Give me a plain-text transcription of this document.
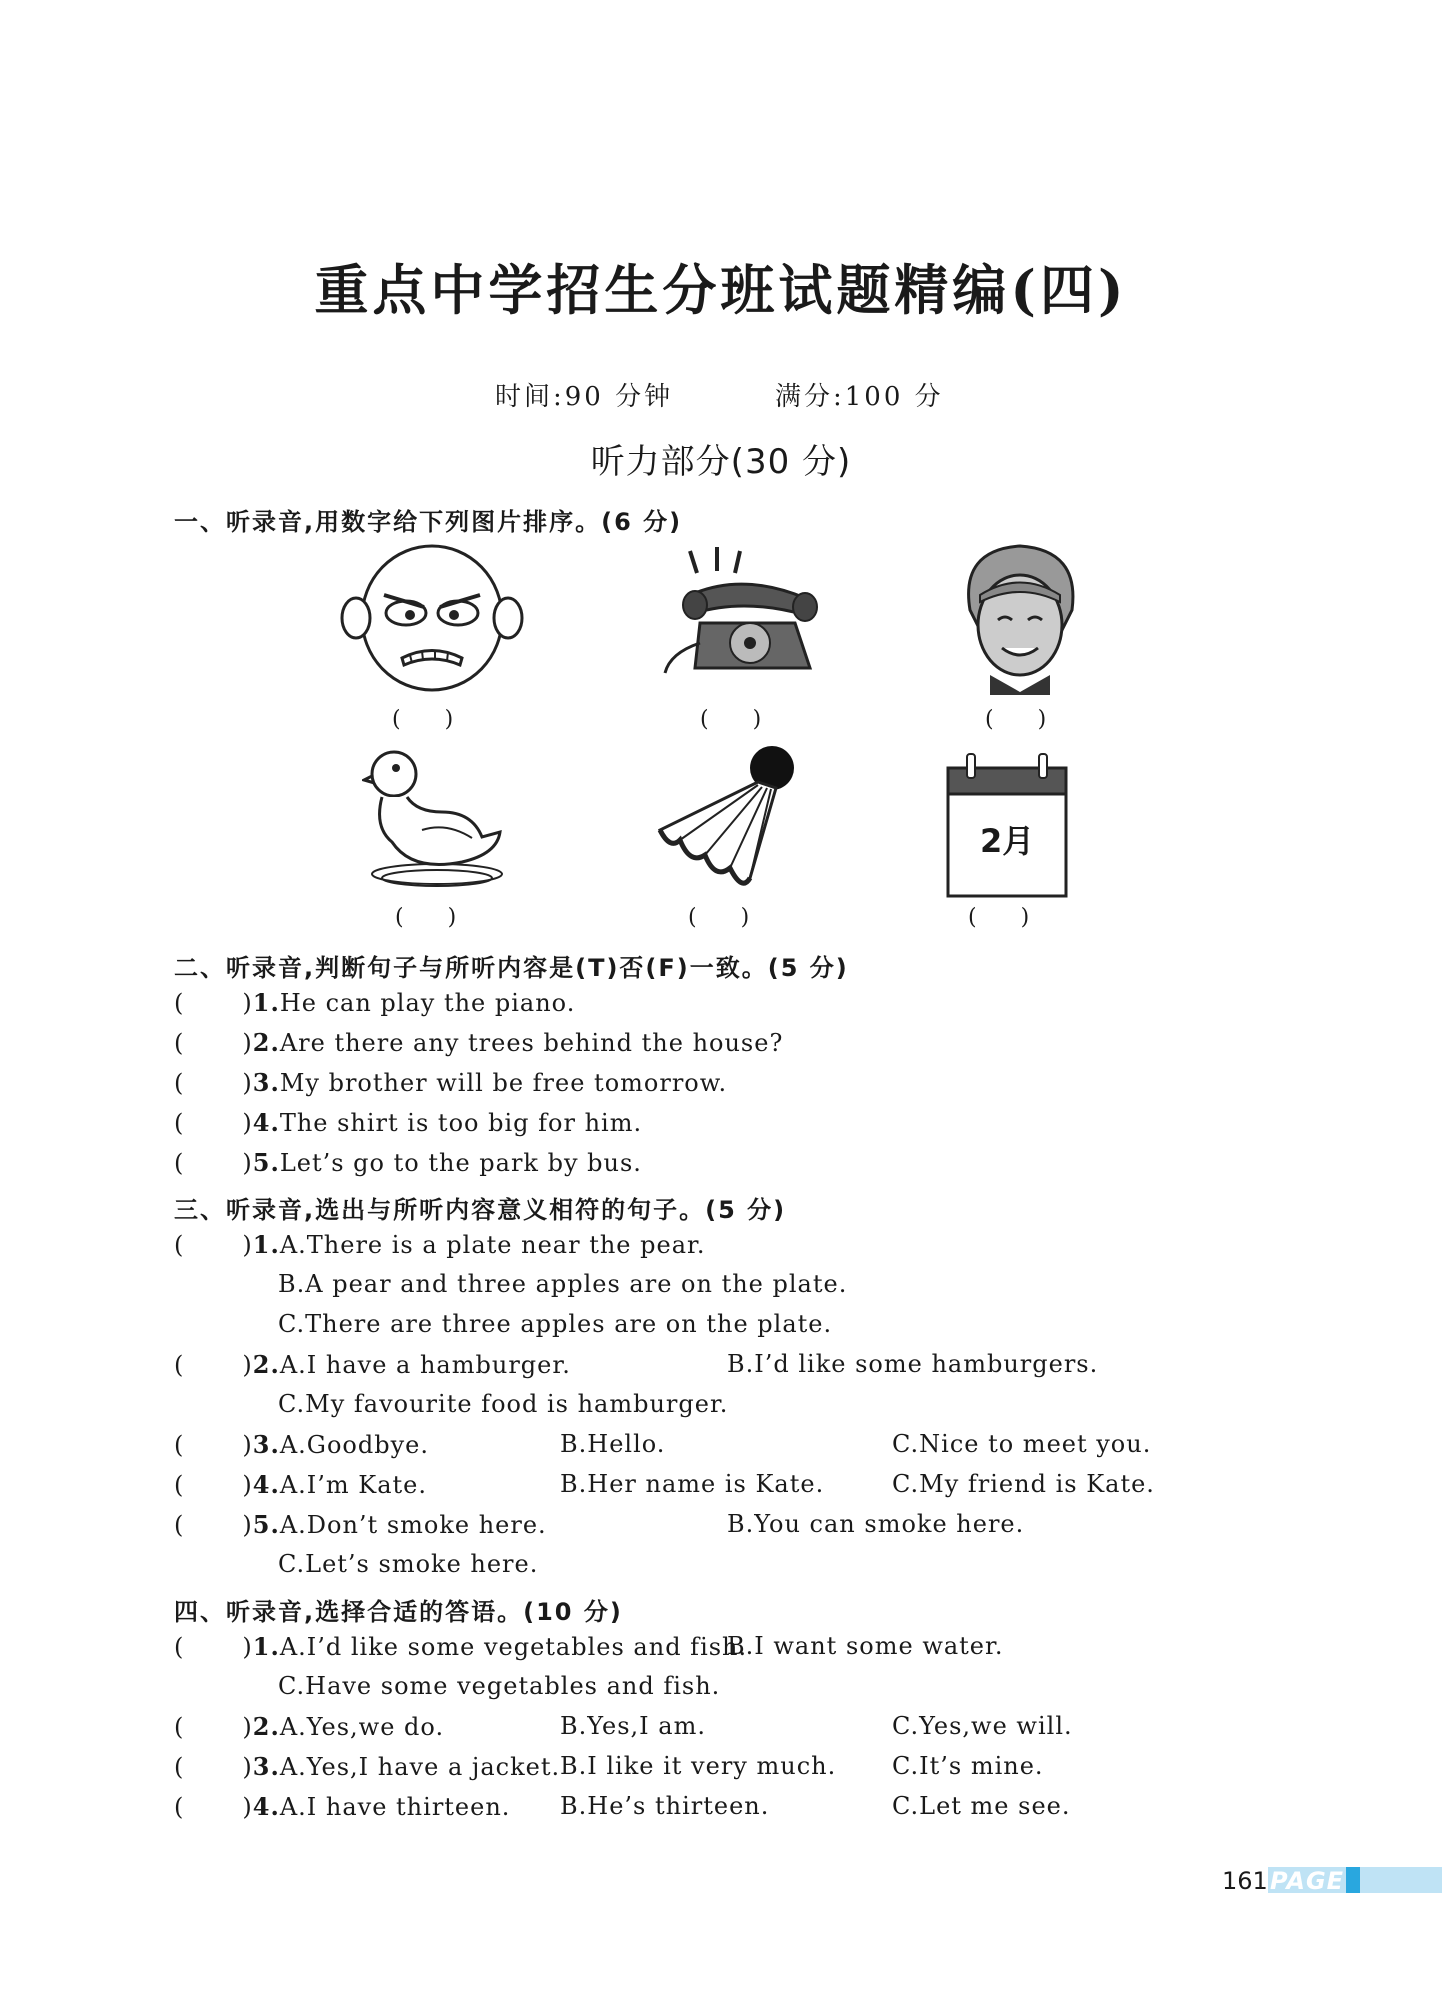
重点中学招生分班试题精编(四)
时间:90 分钟	满分:100 分
听力部分(30 分)
一、听录音,用数字给下列图片排序。(6 分)
(　　)	(　　)	(　　)
(　　)	(　　)
2月
(　　)
二、听录音,判断句子与所听内容是(T)否(F)一致。(5 分)
( )1.He can play the piano.
( )2.Are there any trees behind the house?
( )3.My brother will be free tomorrow.
( )4.The shirt is too big for him.
( )5.Let’s go to the park by bus.
三、听录音,选出与所听内容意义相符的句子。(5 分)
( )1.A.There is a plate near the pear.
B.A pear and three apples are on the plate.
C.There are three apples are on the plate.
( )2.A.I have a hamburger.	B.I’d like some hamburgers.
C.My favourite food is hamburger.
( )3.A.Goodbye.	B.Hello.	C.Nice to meet you.
( )4.A.I’m Kate.	B.Her name is Kate.	C.My friend is Kate.
( )5.A.Don’t smoke here.	B.You can smoke here.
C.Let’s smoke here.
四、听录音,选择合适的答语。(10 分)
( )1.A.I’d like some vegetables and fish.
B.I want some water.
C.Have some vegetables and fish.
( )2.A.Yes,we do.	B.Yes,I am.	C.Yes,we will.
( )3.A.Yes,I have a jacket. B.I like it very much. C.It’s mine.
( )4.A.I have thirteen. B.He’s thirteen.	C.Let me see.
161 PAGE
